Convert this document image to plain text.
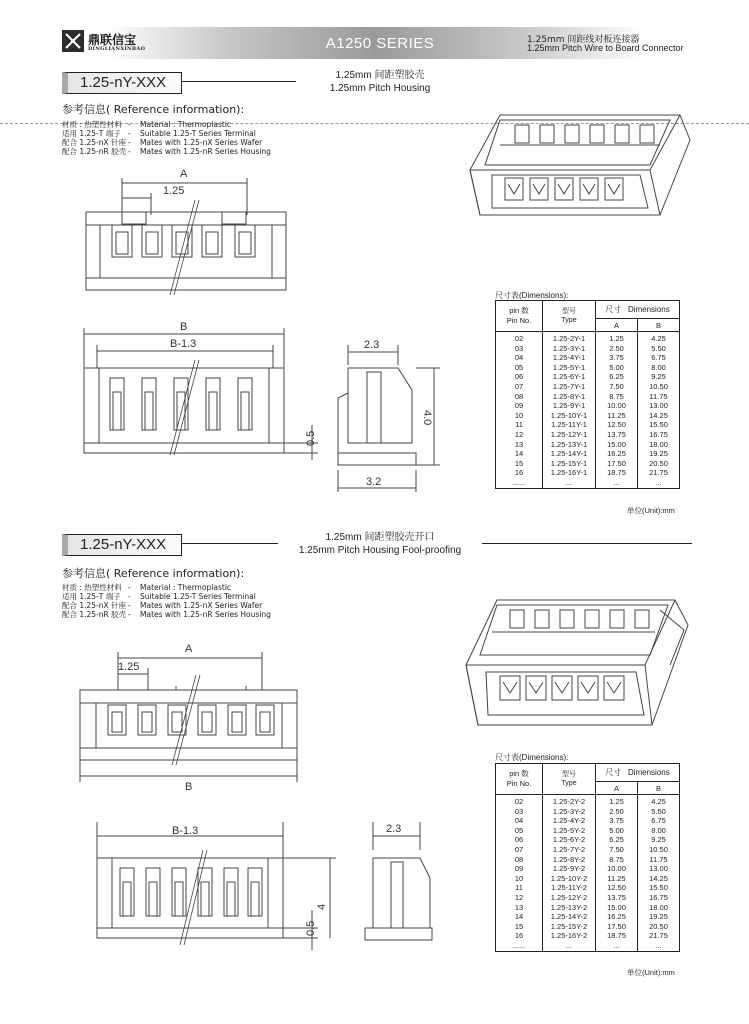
鼎联信宝
DINGLIANXINBAO	A1250 SERIES	1.25mm 间距线对板连接器
1.25mm Pitch Wire to Board Connector
1.25-nY-XXX	1.25mm 间距塑胶壳
1.25mm Pitch Housing
参考信息( Reference information):
材质 : 热塑性材料 - Material : Thermoplastic
适用 1.25-T 端子 - Suitable 1.25-T Series Terminal
配合 1.25-nX 针座 - Mates with 1.25-nX Series Wafer
配合 1.25-nR 胶壳 - Mates with 1.25-nR Series Housing
A
1.25
B
B-1.3	2.3
0.5
4.0
3.2
尺寸表(Dimensions):
pin 数
Pin No.	型号
Type	尺寸 Dimensions	
		A	B
02	1.25-2Y-1	1.25	4.25
03	1.25-3Y-1	2.50	5.50
04	1.25-4Y-1	3.75	6.75
05	1.25-5Y-1	5.00	8.00
06	1.25-6Y-1	6.25	9.25
07	1.25-7Y-1	7.50	10.50
08	1.25-8Y-1	8.75	11.75
09	1.25-9Y-1	10.00	13.00
10	1.25-10Y-1	11.25	14.25
11	1.25-11Y-1	12.50	15.50
12	1.25-12Y-1	13.75	16.75
13	1.25-13Y-1	15.00	18.00
14	1.25-14Y-1	16.25	19.25
15	1.25-15Y-1	17.50	20.50
16	1.25-16Y-1	18.75	21.75
......	...	...	...
单位(Unit):mm
1.25-nY-XXX	1.25mm 间距塑胶壳开口
1.25mm Pitch Housing Fool-proofing
参考信息( Reference information):
材质 : 热塑性材料 - Material : Thermoplastic
适用 1.25-T 端子 - Suitable 1.25-T Series Terminal
配合 1.25-nX 针座 - Mates with 1.25-nX Series Wafer
配合 1.25-nR 胶壳 - Mates with 1.25-nR Series Housing
A
1.25
B
B-1.3	2.3
0.5
4
尺寸表(Dimensions):
pin 数
Pin No.	型号
Type	尺寸 Dimensions	
		A	B
02	1.25-2Y-2	1.25	4.25
03	1.25-3Y-2	2.50	5.50
04	1.25-4Y-2	3.75	6.75
05	1.25-5Y-2	5.00	8.00
06	1.25-6Y-2	6.25	9.25
07	1.25-7Y-2	7.50	10.50
08	1.25-8Y-2	8.75	11.75
09	1.25-9Y-2	10.00	13.00
10	1.25-10Y-2	11.25	14.25
11	1.25-11Y-2	12.50	15.50
12	1.25-12Y-2	13.75	16.75
13	1.25-13Y-2	15.00	18.00
14	1.25-14Y-2	16.25	19.25
15	1.25-15Y-2	17.50	20.50
16	1.25-16Y-2	18.75	21.75
......	...	...	...
单位(Unit):mm
